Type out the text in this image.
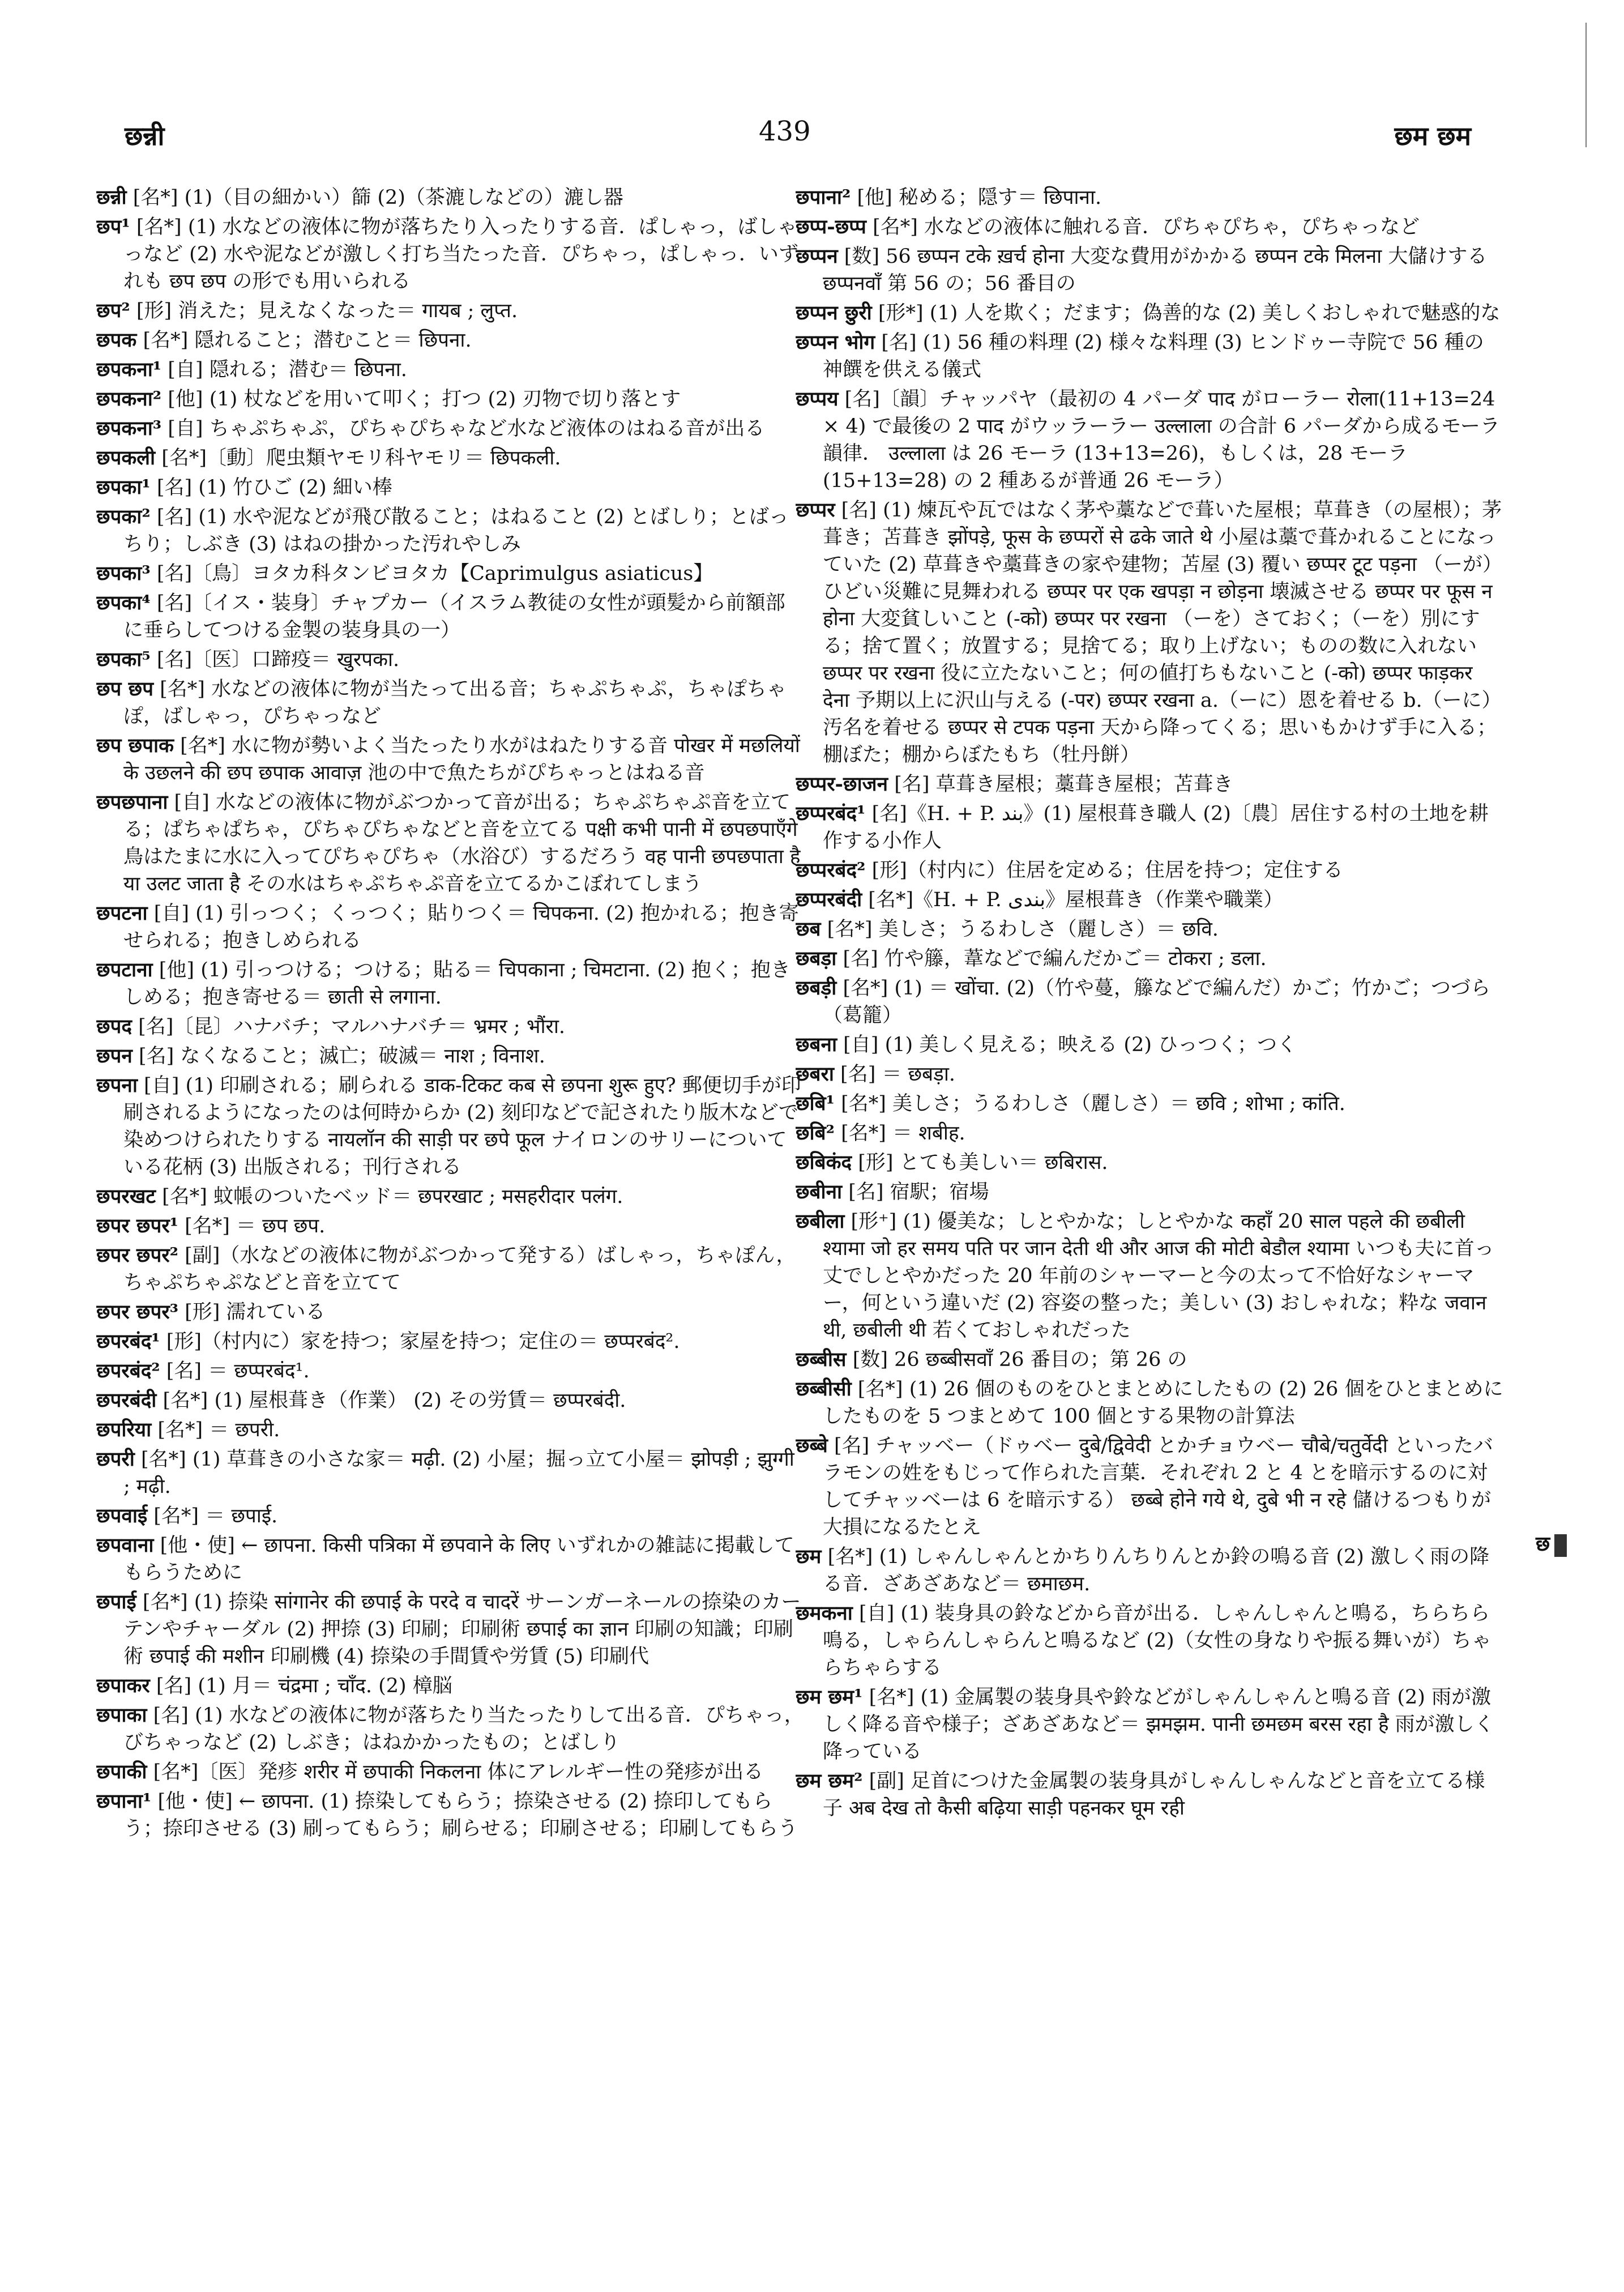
छन्नी	439	छम छम

छन्नी [名*] (1)（目の細かい）篩 (2)（茶漉しなどの）漉し器

छप¹ [名*] (1) 水などの液体に物が落ちたり入ったりする音．ぱしゃっ，ばしゃっなど (2) 水や泥などが激しく打ち当たった音．ぴちゃっ，ぱしゃっ．いずれも छप छप の形でも用いられる

छप² [形] 消えた；見えなくなった＝ गायब ; लुप्त.

छपक [名*] 隠れること；潜むこと＝ छिपना.

छपकना¹ [自] 隠れる；潜む＝ छिपना.

छपकना² [他] (1) 杖などを用いて叩く；打つ (2) 刃物で切り落とす

छपकना³ [自] ちゃぷちゃぷ，ぴちゃぴちゃなど水など液体のはねる音が出る

छपकली [名*]〔動〕爬虫類ヤモリ科ヤモリ＝ छिपकली.

छपका¹ [名] (1) 竹ひご (2) 細い棒

छपका² [名] (1) 水や泥などが飛び散ること；はねること (2) とばしり；とばっちり；しぶき (3) はねの掛かった汚れやしみ

छपका³ [名]〔鳥〕ヨタカ科タンビヨタカ【Caprimulgus asiaticus】

छपका⁴ [名]〔イス・装身〕チャプカー（イスラム教徒の女性が頭髪から前額部に垂らしてつける金製の装身具の一）

छपका⁵ [名]〔医〕口蹄疫＝ खुरपका.

छप छप [名*] 水などの液体に物が当たって出る音；ちゃぷちゃぷ，ちゃぽちゃぽ，ばしゃっ，ぴちゃっなど

छप छपाक [名*] 水に物が勢いよく当たったり水がはねたりする音 पोखर में मछलियों के उछलने की छप छपाक आवाज़ 池の中で魚たちがぴちゃっとはねる音

छपछपाना [自] 水などの液体に物がぶつかって音が出る；ちゃぷちゃぷ音を立てる；ぱちゃぱちゃ，ぴちゃぴちゃなどと音を立てる पक्षी कभी पानी में छपछपाएँगे 鳥はたまに水に入ってぴちゃぴちゃ（水浴び）するだろう वह पानी छपछपाता है या उलट जाता है その水はちゃぷちゃぷ音を立てるかこぼれてしまう

छपटना [自] (1) 引っつく；くっつく；貼りつく＝ चिपकना. (2) 抱かれる；抱き寄せられる；抱きしめられる

छपटाना [他] (1) 引っつける；つける；貼る＝ चिपकाना ; चिमटाना. (2) 抱く；抱きしめる；抱き寄せる＝ छाती से लगाना.

छपद [名]〔昆〕ハナバチ；マルハナバチ＝ भ्रमर ; भौंरा.

छपन [名] なくなること；滅亡；破滅＝ नाश ; विनाश.

छपना [自] (1) 印刷される；刷られる डाक-टिकट कब से छपना शुरू हुए? 郵便切手が印刷されるようになったのは何時からか (2) 刻印などで記されたり版木などで染めつけられたりする नायलॉन की साड़ी पर छपे फूल ナイロンのサリーについている花柄 (3) 出版される；刊行される

छपरखट [名*] 蚊帳のついたベッド＝ छपरखाट ; मसहरीदार पलंग.

छपर छपर¹ [名*] ＝ छप छप.

छपर छपर² [副]（水などの液体に物がぶつかって発する）ばしゃっ，ちゃぽん，ちゃぷちゃぷなどと音を立てて

छपर छपर³ [形] 濡れている

छपरबंद¹ [形]（村内に）家を持つ；家屋を持つ；定住の＝ छप्परबंद².

छपरबंद² [名] ＝ छप्परबंद¹.

छपरबंदी [名*] (1) 屋根葺き（作業） (2) その労賃＝ छप्परबंदी.

छपरिया [名*] ＝ छपरी.

छपरी [名*] (1) 草葺きの小さな家＝ मढ़ी. (2) 小屋；掘っ立て小屋＝ झोपड़ी ; झुग्गी ; मढ़ी.

छपवाई [名*] ＝ छपाई.

छपवाना [他・使] ← छापना. किसी पत्रिका में छपवाने के लिए いずれかの雑誌に掲載してもらうために

छपाई [名*] (1) 捺染 सांगानेर की छपाई के परदे व चादरें サーンガーネールの捺染のカーテンやチャーダル (2) 押捺 (3) 印刷；印刷術 छपाई का ज्ञान 印刷の知識；印刷術 छपाई की मशीन 印刷機 (4) 捺染の手間賃や労賃 (5) 印刷代

छपाकर [名] (1) 月＝ चंद्रमा ; चाँद. (2) 樟脳

छपाका [名] (1) 水などの液体に物が落ちたり当たったりして出る音．ぴちゃっ，びちゃっなど (2) しぶき；はねかかったもの；とばしり

छपाकी [名*]〔医〕発疹 शरीर में छपाकी निकलना 体にアレルギー性の発疹が出る

छपाना¹ [他・使] ← छापना. (1) 捺染してもらう；捺染させる (2) 捺印してもらう；捺印させる (3) 刷ってもらう；刷らせる；印刷させる；印刷してもらう

छपाना² [他] 秘める；隠す＝ छिपाना.

छप्प-छप्प [名*] 水などの液体に触れる音．ぴちゃぴちゃ，ぴちゃっなど

छप्पन [数] 56 छप्पन टके ख़र्च होना 大変な費用がかかる छप्पन टके मिलना 大儲けする छप्पनवाँ 第 56 の；56 番目の

छप्पन छुरी [形*] (1) 人を欺く；だます；偽善的な (2) 美しくおしゃれで魅惑的な

छप्पन भोग [名] (1) 56 種の料理 (2) 様々な料理 (3) ヒンドゥー寺院で 56 種の神饌を供える儀式

छप्पय [名]〔韻〕チャッパヤ（最初の 4 パーダ पाद がローラー रोला(11+13=24 × 4) で最後の 2 पाद がウッラーラー उल्लाला の合計 6 パーダから成るモーラ韻律． उल्लाला は 26 モーラ (13+13=26)，もしくは，28 モーラ (15+13=28) の 2 種あるが普通 26 モーラ）

छप्पर [名] (1) 煉瓦や瓦ではなく茅や藁などで葺いた屋根；草葺き（の屋根）；茅葺き；苫葺き झोंपड़े, फूस के छप्परों से ढके जाते थे 小屋は藁で葺かれることになっていた (2) 草葺きや藁葺きの家や建物；苫屋 (3) 覆い छप्पर टूट पड़ना （ーが）ひどい災難に見舞われる छप्पर पर एक खपड़ा न छोड़ना 壊滅させる छप्पर पर फूस न होना 大変貧しいこと (-को) छप्पर पर रखना （ーを）さておく；（ーを）別にする；捨て置く；放置する；見捨てる；取り上げない；ものの数に入れない छप्पर पर रखना 役に立たないこと；何の値打ちもないこと (-को) छप्पर फाड़कर देना 予期以上に沢山与える (-पर) छप्पर रखना a.（ーに）恩を着せる b.（ーに）汚名を着せる छप्पर से टपक पड़ना 天から降ってくる；思いもかけず手に入る；棚ぼた；棚からぼたもち（牡丹餅）

छप्पर-छाजन [名] 草葺き屋根；藁葺き屋根；苫葺き

छप्परबंद¹ [名]《H. + P. بند》(1) 屋根葺き職人 (2)〔農〕居住する村の土地を耕作する小作人

छप्परबंद² [形]（村内に）住居を定める；住居を持つ；定住する

छप्परबंदी [名*]《H. + P. بندی》屋根葺き（作業や職業）

छब [名*] 美しさ；うるわしさ（麗しさ）＝ छवि.

छबड़ा [名] 竹や籐，葦などで編んだかご＝ टोकरा ; डला.

छबड़ी [名*] (1) ＝ खोंचा. (2)（竹や蔓，籐などで編んだ）かご；竹かご；つづら（葛籠）

छबना [自] (1) 美しく見える；映える (2) ひっつく；つく

छबरा [名] ＝ छबड़ा.

छबि¹ [名*] 美しさ；うるわしさ（麗しさ）＝ छवि ; शोभा ; कांति.

छबि² [名*] ＝ शबीह.

छबिकंद [形] とても美しい＝ छबिरास.

छबीना [名] 宿駅；宿場

छबीला [形⁺] (1) 優美な；しとやかな；しとやかな कहाँ 20 साल पहले की छबीली श्यामा जो हर समय पति पर जान देती थी और आज की मोटी बेडौल श्यामा いつも夫に首っ丈でしとやかだった 20 年前のシャーマーと今の太って不恰好なシャーマー，何という違いだ (2) 容姿の整った；美しい (3) おしゃれな；粋な जवान थी, छबीली थी 若くておしゃれだった

छब्बीस [数] 26 छब्बीसवाँ 26 番目の；第 26 の

छब्बीसी [名*] (1) 26 個のものをひとまとめにしたもの (2) 26 個をひとまとめにしたものを 5 つまとめて 100 個とする果物の計算法

छब्बे [名] チャッベー（ドゥベー दुबे/द्विवेदी とかチョウベー चौबे/चतुर्वेदी といったバラモンの姓をもじって作られた言葉．それぞれ 2 と 4 とを暗示するのに対してチャッベーは 6 を暗示する） छब्बे होने गये थे, दुबे भी न रहे 儲けるつもりが大損になるたとえ

छम [名*] (1) しゃんしゃんとかちりんちりんとか鈴の鳴る音 (2) 激しく雨の降る音．ざあざあなど＝ छमाछम.

छमकना [自] (1) 装身具の鈴などから音が出る．しゃんしゃんと鳴る，ちらちら鳴る，しゃらんしゃらんと鳴るなど (2)（女性の身なりや振る舞いが）ちゃらちゃらする

छम छम¹ [名*] (1) 金属製の装身具や鈴などがしゃんしゃんと鳴る音 (2) 雨が激しく降る音や様子；ざあざあなど＝ झमझम. पानी छमछम बरस रहा है 雨が激しく降っている

छम छम² [副] 足首につけた金属製の装身具がしゃんしゃんなどと音を立てる様子 अब देख तो कैसी बढ़िया साड़ी पहनकर घूम रही

छ
